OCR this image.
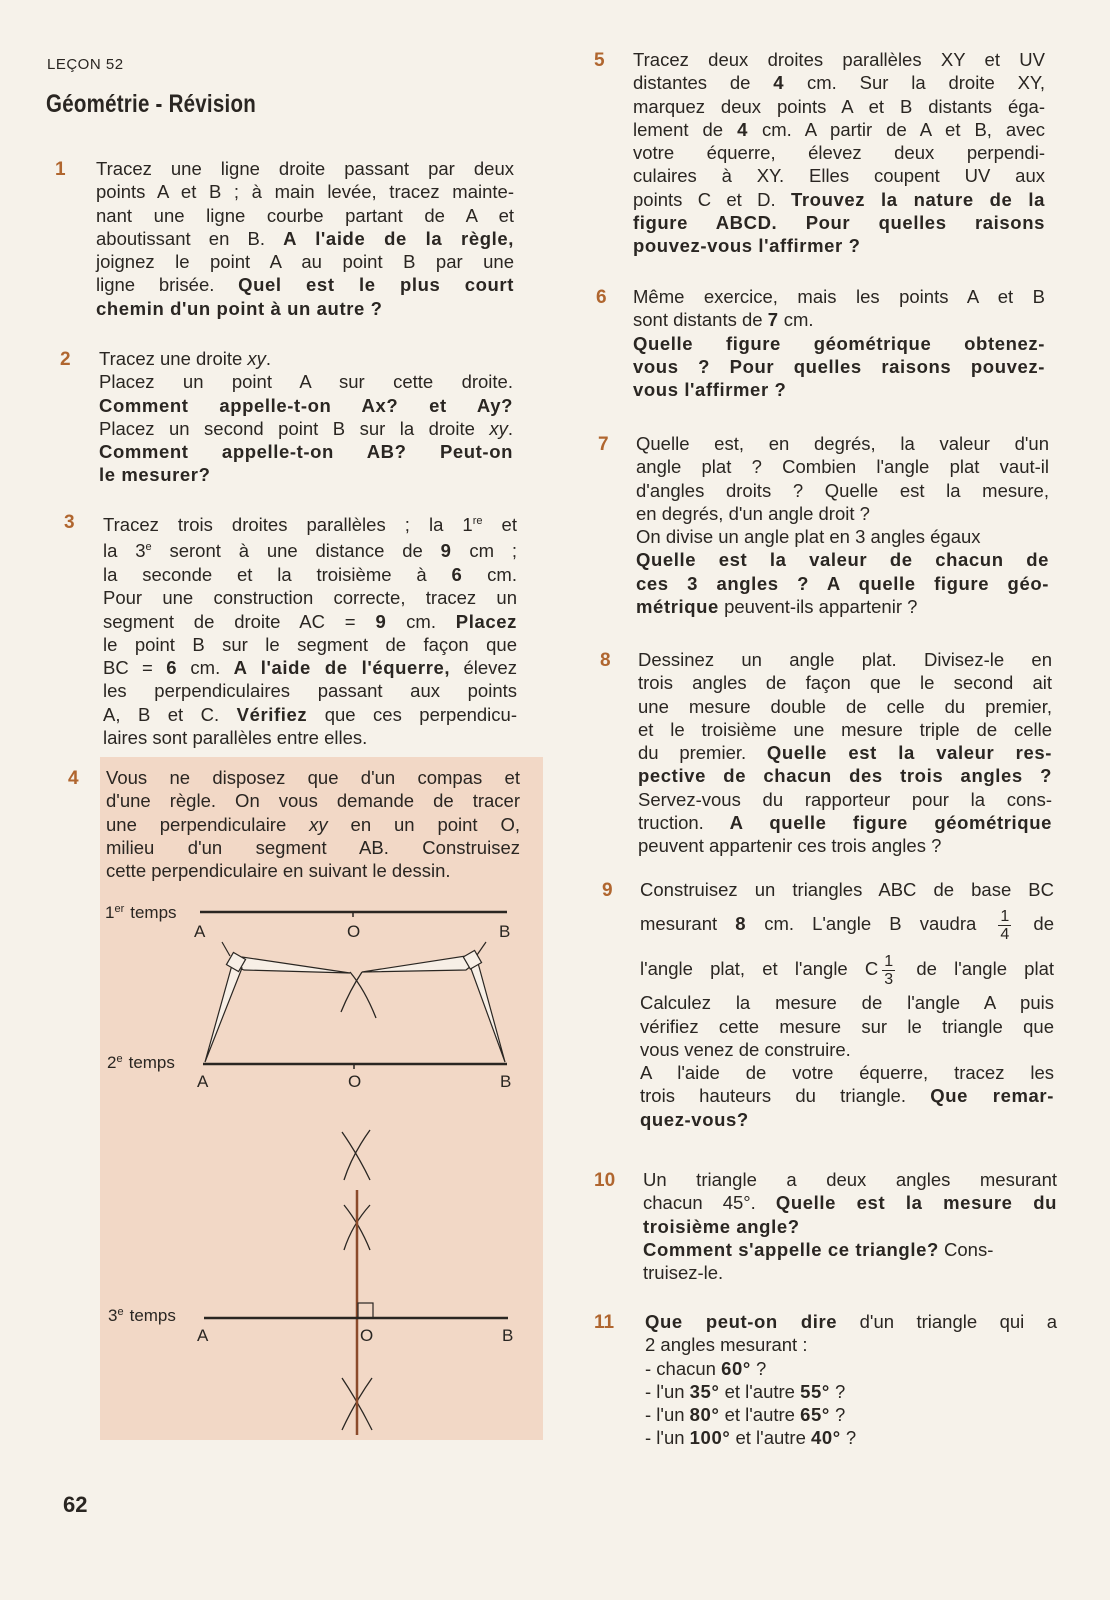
LEÇON 52
Géométrie - Révision
1 Tracez une ligne droite passant par deux
points A et B ; à main levée, tracez mainte-
nant une ligne courbe partant de A et
aboutissant en B. A l'aide de la règle,
joignez le point A au point B par une
ligne brisée. Quel est le plus court
chemin d'un point à un autre ?
2 Tracez une droite xy.
Placez un point A sur cette droite.
Comment appelle-t-on Ax? et Ay?
Placez un second point B sur la droite xy.
Comment appelle-t-on AB? Peut-on
le mesurer?
3 Tracez trois droites parallèles ; la 1re et
la 3e seront à une distance de 9 cm ;
la seconde et la troisième à 6 cm.
Pour une construction correcte, tracez un
segment de droite AC = 9 cm. Placez
le point B sur le segment de façon que
BC = 6 cm. A l'aide de l'équerre, élevez
les perpendiculaires passant aux points
A, B et C. Vérifiez que ces perpendicu-
laires sont parallèles entre elles.
4 Vous ne disposez que d'un compas et
d'une règle. On vous demande de tracer
une perpendiculaire xy en un point O,
milieu d'un segment AB. Construisez
cette perpendiculaire en suivant le dessin.
5 Tracez deux droites parallèles XY et UV
distantes de 4 cm. Sur la droite XY,
marquez deux points A et B distants éga-
lement de 4 cm. A partir de A et B, avec
votre équerre, élevez deux perpendi-
culaires à XY. Elles coupent UV aux
points C et D. Trouvez la nature de la
figure ABCD. Pour quelles raisons
pouvez-vous l'affirmer ?
6 Même exercice, mais les points A et B
sont distants de 7 cm.
Quelle figure géométrique obtenez-
vous ? Pour quelles raisons pouvez-
vous l'affirmer ?
7 Quelle est, en degrés, la valeur d'un
angle plat ? Combien l'angle plat vaut-il
d'angles droits ? Quelle est la mesure,
en degrés, d'un angle droit ?
On divise un angle plat en 3 angles égaux
Quelle est la valeur de chacun de
ces 3 angles ? A quelle figure géo-
métrique peuvent-ils appartenir ?
8 Dessinez un angle plat. Divisez-le en
trois angles de façon que le second ait
une mesure double de celle du premier,
et le troisième une mesure triple de celle
du premier. Quelle est la valeur res-
pective de chacun des trois angles ?
Servez-vous du rapporteur pour la cons-
truction. A quelle figure géométrique
peuvent appartenir ces trois angles ?
9 Construisez un triangles ABC de base BC
mesurant 8 cm. L'angle B vaudra $\frac{1}{4}$ de
l'angle plat, et l'angle C $\frac{1}{3}$ de l'angle plat
Calculez la mesure de l'angle A puis
vérifiez cette mesure sur le triangle que
vous venez de construire.
A l'aide de votre équerre, tracez les
trois hauteurs du triangle. Que remar-
quez-vous?
10 Un triangle a deux angles mesurant
chacun 45°. Quelle est la mesure du
troisième angle?
Comment s'appelle ce triangle? Cons-
truisez-le.
11 Que peut-on dire d'un triangle qui a
2 angles mesurant :
- chacun 60° ?
- l'un 35° et l'autre 55° ?
- l'un 80° et l'autre 65° ?
- l'un 100° et l'autre 40° ?
1er temps
A	O	B
2e temps
A	O	B
3e temps
A	O	B
62
